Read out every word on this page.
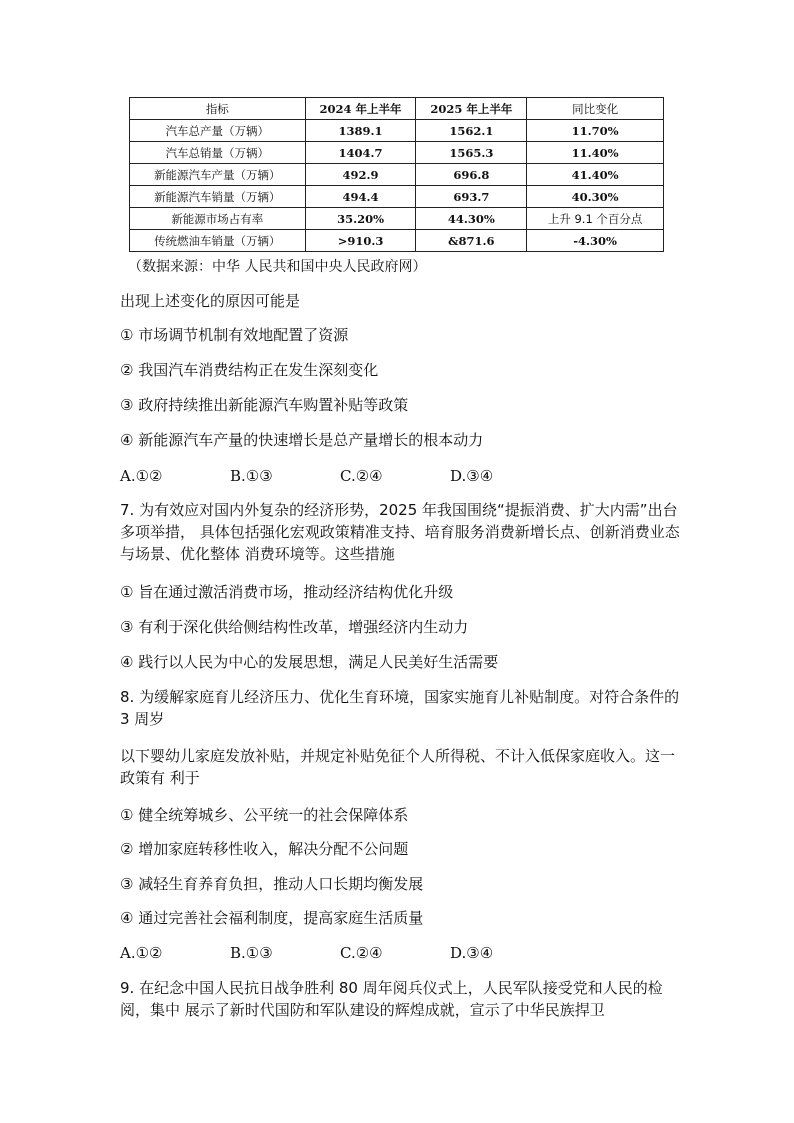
指标	2024 年上半年	2025 年上半年	同比变化
汽车总产量（万辆）	1389.1	1562.1	11.70%
汽车总销量（万辆）	1404.7	1565.3	11.40%
新能源汽车产量（万辆）	492.9	696.8	41.40%
新能源汽车销量（万辆）	494.4	693.7	40.30%
新能源市场占有率	35.20%	44.30%	上升 9.1 个百分点
传统燃油车销量（万辆）	>910.3	&871.6	-4.30%
（数据来源：中华 人民共和国中央人民政府网）
出现上述变化的原因可能是
① 市场调节机制有效地配置了资源
② 我国汽车消费结构正在发生深刻变化
③ 政府持续推出新能源汽车购置补贴等政策
④ 新能源汽车产量的快速增长是总产量增长的根本动力
A.①②	B.①③	C.②④	D.③④
7. 为有效应对国内外复杂的经济形势，2025 年我国围绕“提振消费、扩大内需”出台多项举措， 具体包括强化宏观政策精准支持、培育服务消费新增长点、创新消费业态与场景、优化整体 消费环境等。这些措施
① 旨在通过激活消费市场，推动经济结构优化升级
③ 有利于深化供给侧结构性改革，增强经济内生动力
④ 践行以人民为中心的发展思想，满足人民美好生活需要
8. 为缓解家庭育儿经济压力、优化生育环境，国家实施育儿补贴制度。对符合条件的 3 周岁
以下婴幼儿家庭发放补贴，并规定补贴免征个人所得税、不计入低保家庭收入。这一政策有 利于
① 健全统筹城乡、公平统一的社会保障体系
② 增加家庭转移性收入，解决分配不公问题
③ 减轻生育养育负担，推动人口长期均衡发展
④ 通过完善社会福利制度，提高家庭生活质量
A.①②	B.①③	C.②④	D.③④
9. 在纪念中国人民抗日战争胜利 80 周年阅兵仪式上，人民军队接受党和人民的检阅，集中 展示了新时代国防和军队建设的辉煌成就，宣示了中华民族捍卫
